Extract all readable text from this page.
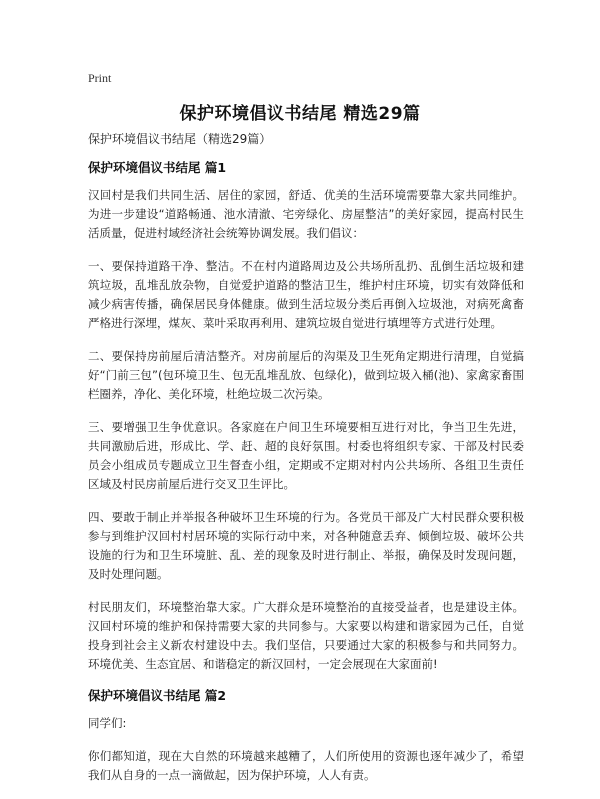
Print
保护环境倡议书结尾 精选29篇

保护环境倡议书结尾（精选29篇）

保护环境倡议书结尾 篇1

汉回村是我们共同生活、居住的家园，舒适、优美的生活环境需要靠大家共同维护。为进一步建设“道路畅通、池水清澈、宅旁绿化、房屋整洁”的美好家园，提高村民生活质量，促进村域经济社会统筹协调发展。我们倡议：

一、要保持道路干净、整洁。不在村内道路周边及公共场所乱扔、乱倒生活垃圾和建筑垃圾，乱堆乱放杂物，自觉爱护道路的整洁卫生，维护村庄环境，切实有效降低和减少病害传播，确保居民身体健康。做到生活垃圾分类后再倒入垃圾池，对病死禽畜严格进行深埋，煤灰、菜叶采取再利用、建筑垃圾自觉进行填埋等方式进行处理。

二、要保持房前屋后清洁整齐。对房前屋后的沟渠及卫生死角定期进行清理，自觉搞好“门前三包”(包环境卫生、包无乱堆乱放、包绿化)，做到垃圾入桶(池)、家禽家畜围栏圈养，净化、美化环境，杜绝垃圾二次污染。

三、要增强卫生争优意识。各家庭在户间卫生环境要相互进行对比，争当卫生先进，共同激励后进，形成比、学、赶、超的良好氛围。村委也将组织专家、干部及村民委员会小组成员专题成立卫生督查小组，定期或不定期对村内公共场所、各组卫生责任区域及村民房前屋后进行交叉卫生评比。

四、要敢于制止并举报各种破坏卫生环境的行为。各党员干部及广大村民群众要积极参与到维护汉回村村居环境的实际行动中来，对各种随意丢弃、倾倒垃圾、破坏公共设施的行为和卫生环境脏、乱、差的现象及时进行制止、举报，确保及时发现问题，及时处理问题。

村民朋友们，环境整治靠大家。广大群众是环境整治的直接受益者，也是建设主体。汉回村环境的维护和保持需要大家的共同参与。大家要以构建和谐家园为己任，自觉投身到社会主义新农村建设中去。我们坚信，只要通过大家的积极参与和共同努力。环境优美、生态宜居、和谐稳定的新汉回村，一定会展现在大家面前!

保护环境倡议书结尾 篇2

同学们:

你们都知道，现在大自然的环境越来越糟了，人们所使用的资源也逐年减少了，希望我们从自身的一点一滴做起，因为保护环境，人人有责。
